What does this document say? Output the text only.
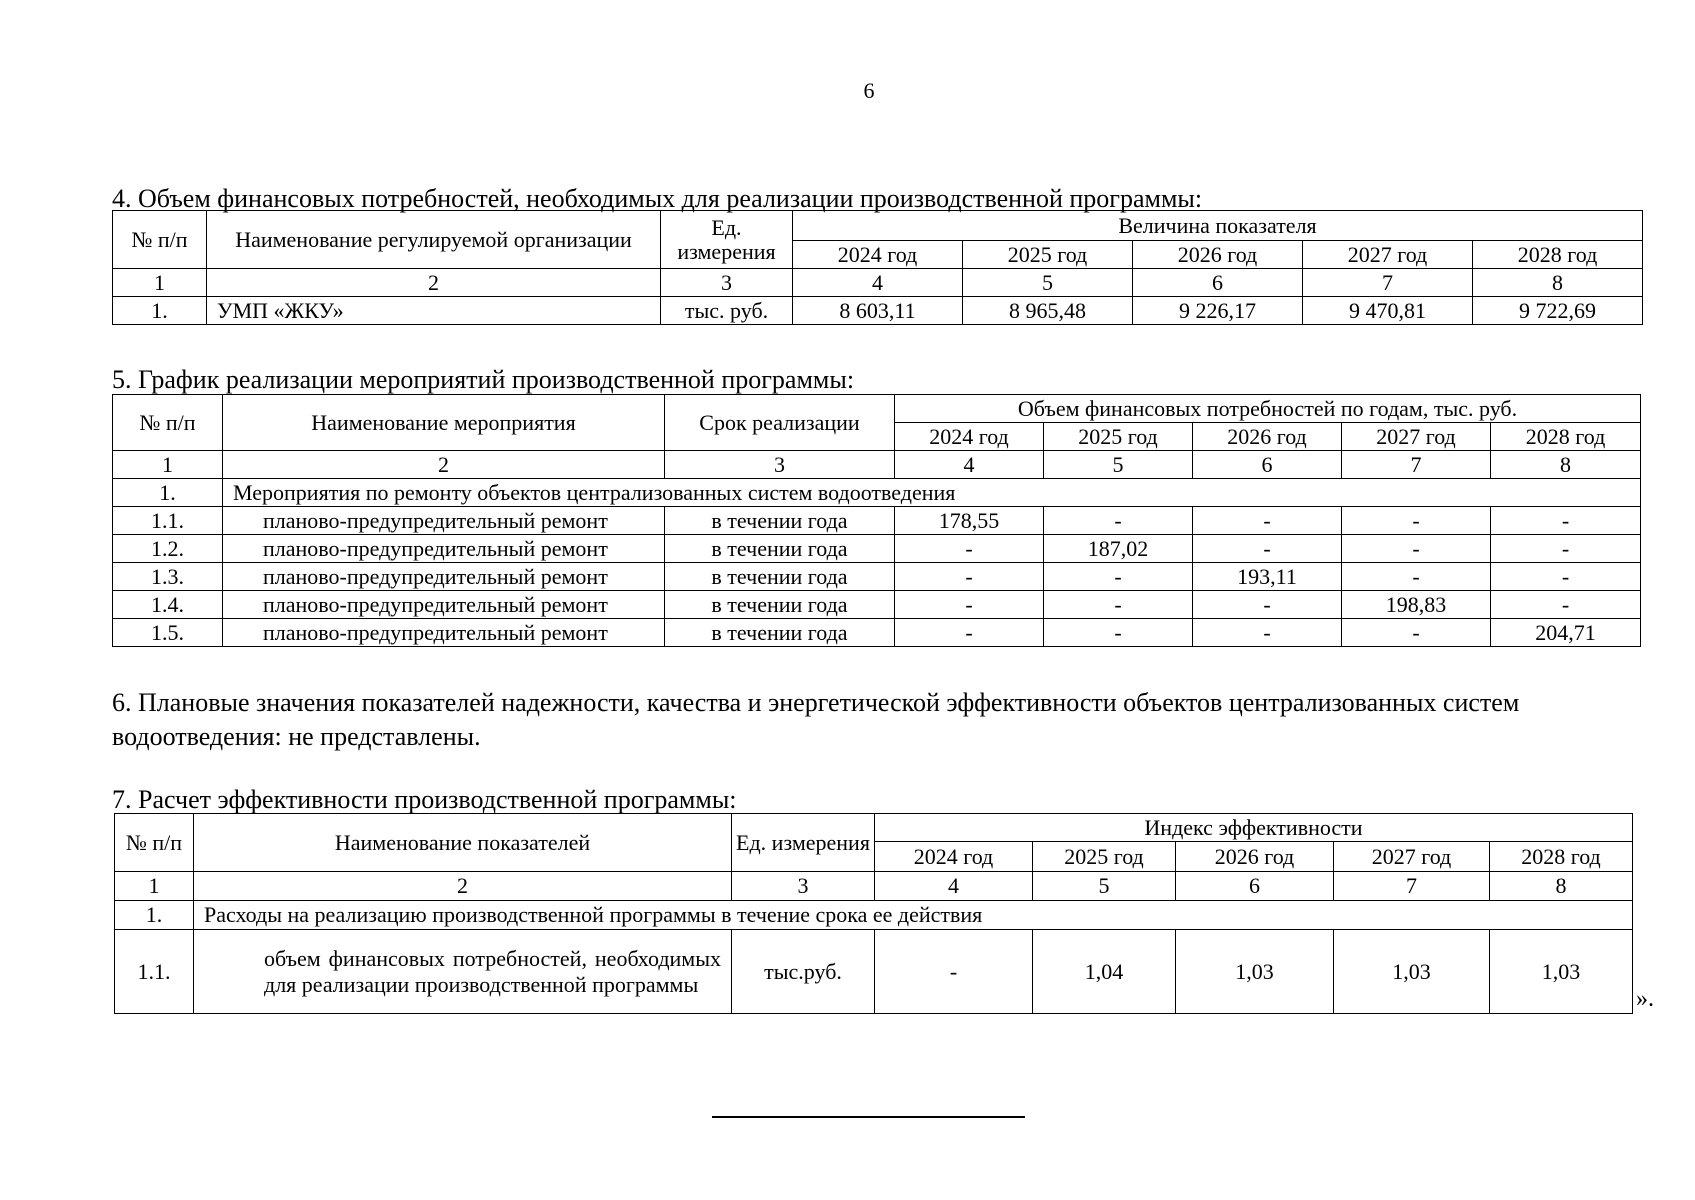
6
4. Объем финансовых потребностей, необходимых для реализации производственной программы:
№ п/п	Наименование регулируемой организации	Ед. измерения	Величина показателя				
			2024 год	2025 год	2026 год	2027 год	2028 год
1	2	3	4	5	6	7	8
1.	УМП «ЖКУ»	тыс. руб.	8 603,11	8 965,48	9 226,17	9 470,81	9 722,69
5. График реализации мероприятий производственной программы:
№ п/п	Наименование мероприятия	Срок реализации	Объем финансовых потребностей по годам, тыс. руб.				
			2024 год	2025 год	2026 год	2027 год	2028 год
1	2	3	4	5	6	7	8
1.	Мероприятия по ремонту объектов централизованных систем водоотведения						
1.1.	планово-предупредительный ремонт	в течении года	178,55	-	-	-	-
1.2.	планово-предупредительный ремонт	в течении года	-	187,02	-	-	-
1.3.	планово-предупредительный ремонт	в течении года	-	-	193,11	-	-
1.4.	планово-предупредительный ремонт	в течении года	-	-	-	198,83	-
1.5.	планово-предупредительный ремонт	в течении года	-	-	-	-	204,71
6. Плановые значения показателей надежности, качества и энергетической эффективности объектов централизованных систем водоотведения: не представлены.
7. Расчет эффективности производственной программы:
№ п/п	Наименование показателей	Ед. измерения	Индекс эффективности				
			2024 год	2025 год	2026 год	2027 год	2028 год
1	2	3	4	5	6	7	8
1.	Расходы на реализацию производственной программы в течение срока ее действия						
1.1.	объем финансовых потребностей, необходимых для реализации производственной программы	тыс.руб.	-	1,04	1,03	1,03	1,03
».
